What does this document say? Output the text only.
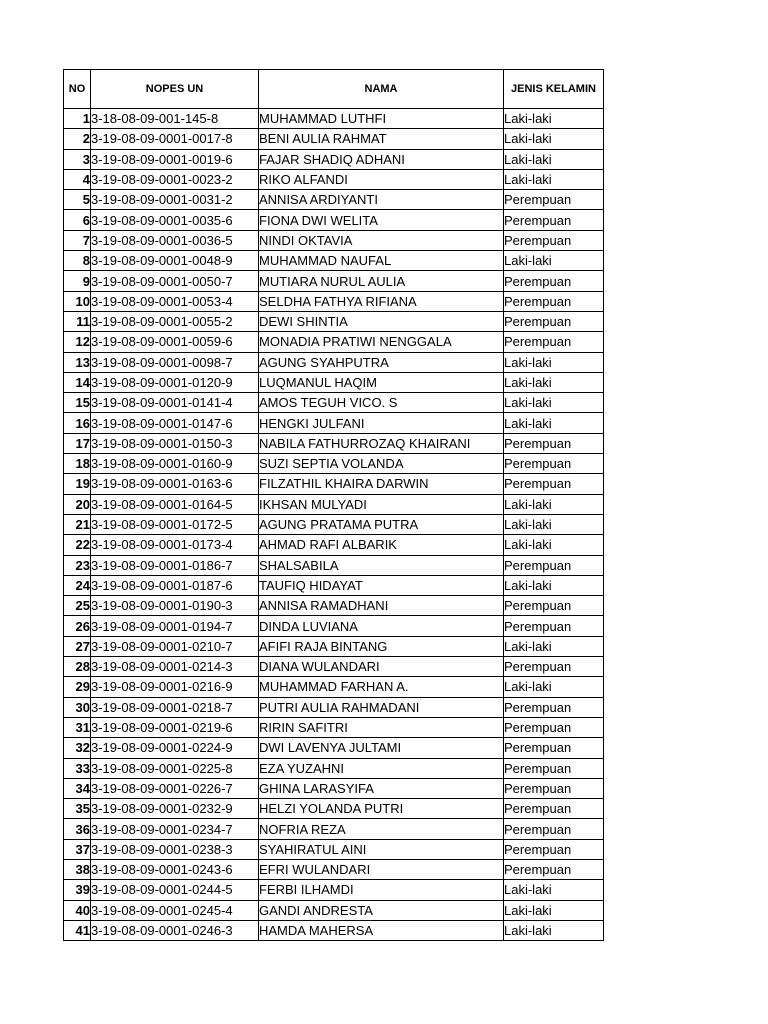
NO	NOPES UN	NAMA	JENIS KELAMIN
1	3-18-08-09-001-145-8	MUHAMMAD LUTHFI	Laki-laki
2	3-19-08-09-0001-0017-8	BENI AULIA RAHMAT	Laki-laki
3	3-19-08-09-0001-0019-6	FAJAR SHADIQ ADHANI	Laki-laki
4	3-19-08-09-0001-0023-2	RIKO ALFANDI	Laki-laki
5	3-19-08-09-0001-0031-2	ANNISA ARDIYANTI	Perempuan
6	3-19-08-09-0001-0035-6	FIONA DWI WELITA	Perempuan
7	3-19-08-09-0001-0036-5	NINDI OKTAVIA	Perempuan
8	3-19-08-09-0001-0048-9	MUHAMMAD NAUFAL	Laki-laki
9	3-19-08-09-0001-0050-7	MUTIARA NURUL AULIA	Perempuan
10	3-19-08-09-0001-0053-4	SELDHA FATHYA RIFIANA	Perempuan
11	3-19-08-09-0001-0055-2	DEWI SHINTIA	Perempuan
12	3-19-08-09-0001-0059-6	MONADIA PRATIWI NENGGALA	Perempuan
13	3-19-08-09-0001-0098-7	AGUNG SYAHPUTRA	Laki-laki
14	3-19-08-09-0001-0120-9	LUQMANUL HAQIM	Laki-laki
15	3-19-08-09-0001-0141-4	AMOS TEGUH VICO. S	Laki-laki
16	3-19-08-09-0001-0147-6	HENGKI JULFANI	Laki-laki
17	3-19-08-09-0001-0150-3	NABILA FATHURROZAQ KHAIRANI	Perempuan
18	3-19-08-09-0001-0160-9	SUZI SEPTIA VOLANDA	Perempuan
19	3-19-08-09-0001-0163-6	FILZATHIL KHAIRA DARWIN	Perempuan
20	3-19-08-09-0001-0164-5	IKHSAN MULYADI	Laki-laki
21	3-19-08-09-0001-0172-5	AGUNG PRATAMA PUTRA	Laki-laki
22	3-19-08-09-0001-0173-4	AHMAD RAFI ALBARIK	Laki-laki
23	3-19-08-09-0001-0186-7	SHALSABILA	Perempuan
24	3-19-08-09-0001-0187-6	TAUFIQ HIDAYAT	Laki-laki
25	3-19-08-09-0001-0190-3	ANNISA RAMADHANI	Perempuan
26	3-19-08-09-0001-0194-7	DINDA LUVIANA	Perempuan
27	3-19-08-09-0001-0210-7	AFIFI RAJA BINTANG	Laki-laki
28	3-19-08-09-0001-0214-3	DIANA WULANDARI	Perempuan
29	3-19-08-09-0001-0216-9	MUHAMMAD FARHAN A.	Laki-laki
30	3-19-08-09-0001-0218-7	PUTRI AULIA RAHMADANI	Perempuan
31	3-19-08-09-0001-0219-6	RIRIN SAFITRI	Perempuan
32	3-19-08-09-0001-0224-9	DWI LAVENYA JULTAMI	Perempuan
33	3-19-08-09-0001-0225-8	EZA YUZAHNI	Perempuan
34	3-19-08-09-0001-0226-7	GHINA LARASYIFA	Perempuan
35	3-19-08-09-0001-0232-9	HELZI YOLANDA PUTRI	Perempuan
36	3-19-08-09-0001-0234-7	NOFRIA REZA	Perempuan
37	3-19-08-09-0001-0238-3	SYAHIRATUL AINI	Perempuan
38	3-19-08-09-0001-0243-6	EFRI WULANDARI	Perempuan
39	3-19-08-09-0001-0244-5	FERBI ILHAMDI	Laki-laki
40	3-19-08-09-0001-0245-4	GANDI ANDRESTA	Laki-laki
41	3-19-08-09-0001-0246-3	HAMDA MAHERSA	Laki-laki
